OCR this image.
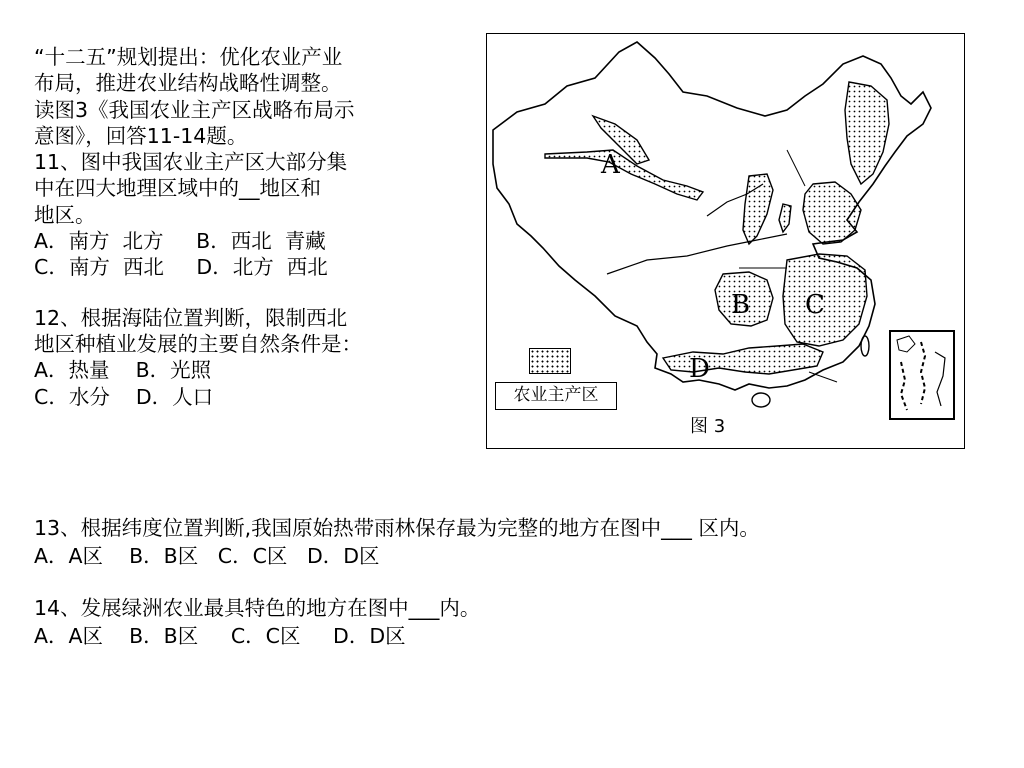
“十二五”规划提出：优化农业产业
布局，推进农业结构战略性调整。
读图3《我国农业主产区战略布局示
意图》，回答11-14题。
11、图中我国农业主产区大部分集
中在四大地理区域中的__地区和
地区。
A．南方  北方     B．西北  青藏
C．南方  西北     D．北方  西北
12、根据海陆位置判断，限制西北
地区种植业发展的主要自然条件是：
A．热量    B．光照
C．水分    D．人口
A
B C
D
农业主产区
图 3
13、根据纬度位置判断,我国原始热带雨林保存最为完整的地方在图中___ 区内。
A．A区    B．B区   C．C区   D．D区
14、发展绿洲农业最具特色的地方在图中___内。
A．A区    B．B区     C．C区     D．D区
